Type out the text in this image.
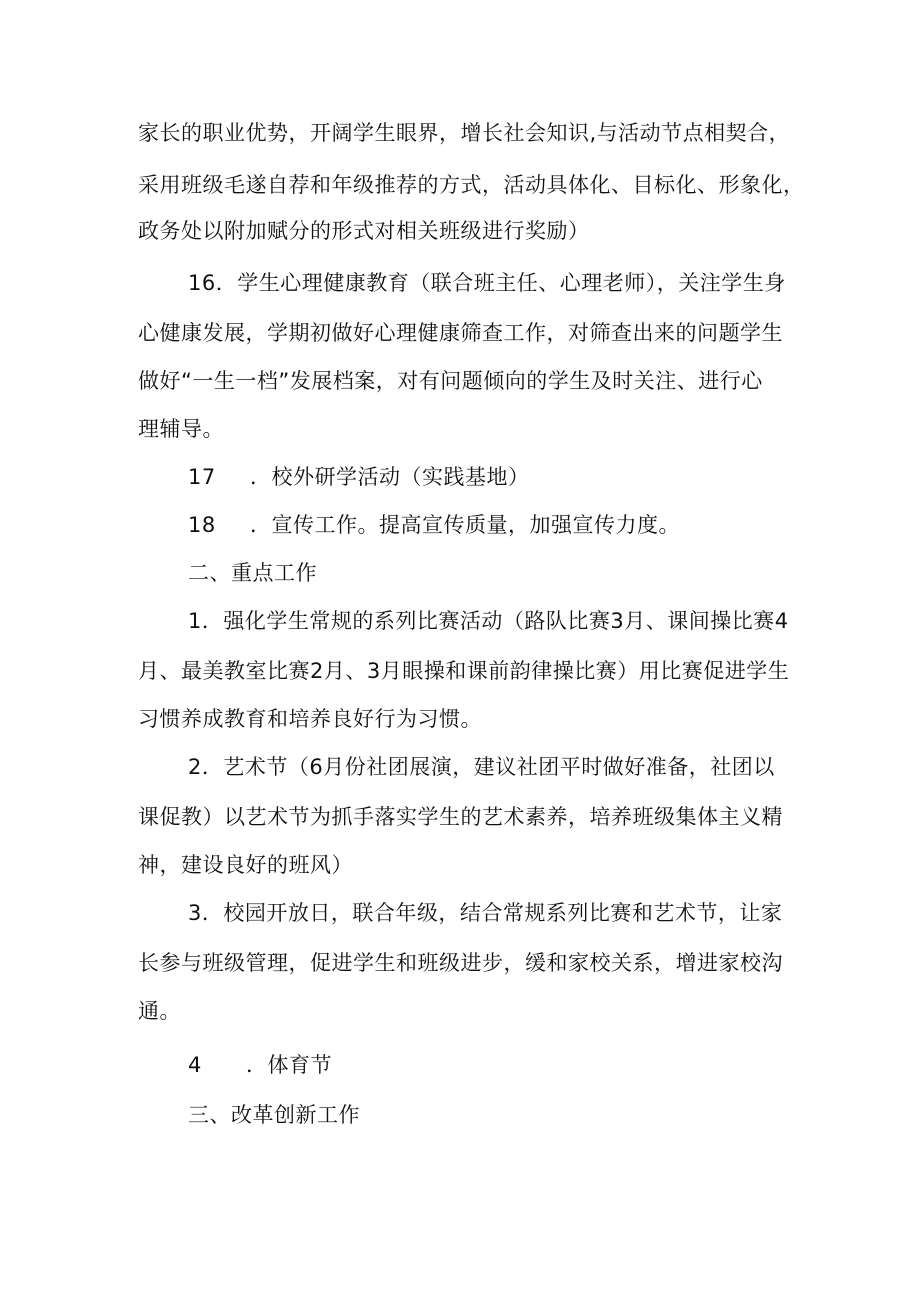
家长的职业优势，开阔学生眼界，增长社会知识,与活动节点相契合，
采用班级毛遂自荐和年级推荐的方式，活动具体化、目标化、形象化，
政务处以附加赋分的形式对相关班级进行奖励）
16．学生心理健康教育（联合班主任、心理老师），关注学生身
心健康发展，学期初做好心理健康筛查工作，对筛查出来的问题学生
做好“一生一档”发展档案，对有问题倾向的学生及时关注、进行心
理辅导。
17 ．校外研学活动（实践基地）
18 ．宣传工作。提高宣传质量，加强宣传力度。
二、重点工作
1．强化学生常规的系列比赛活动（路队比赛3月、课间操比赛4
月、最美教室比赛2月、3月眼操和课前韵律操比赛）用比赛促进学生
习惯养成教育和培养良好行为习惯。
2．艺术节（6月份社团展演，建议社团平时做好准备，社团以
课促教）以艺术节为抓手落实学生的艺术素养，培养班级集体主义精
神，建设良好的班风）
3．校园开放日，联合年级，结合常规系列比赛和艺术节，让家
长参与班级管理，促进学生和班级进步，缓和家校关系，增进家校沟
通。
4 ．体育节
三、改革创新工作
